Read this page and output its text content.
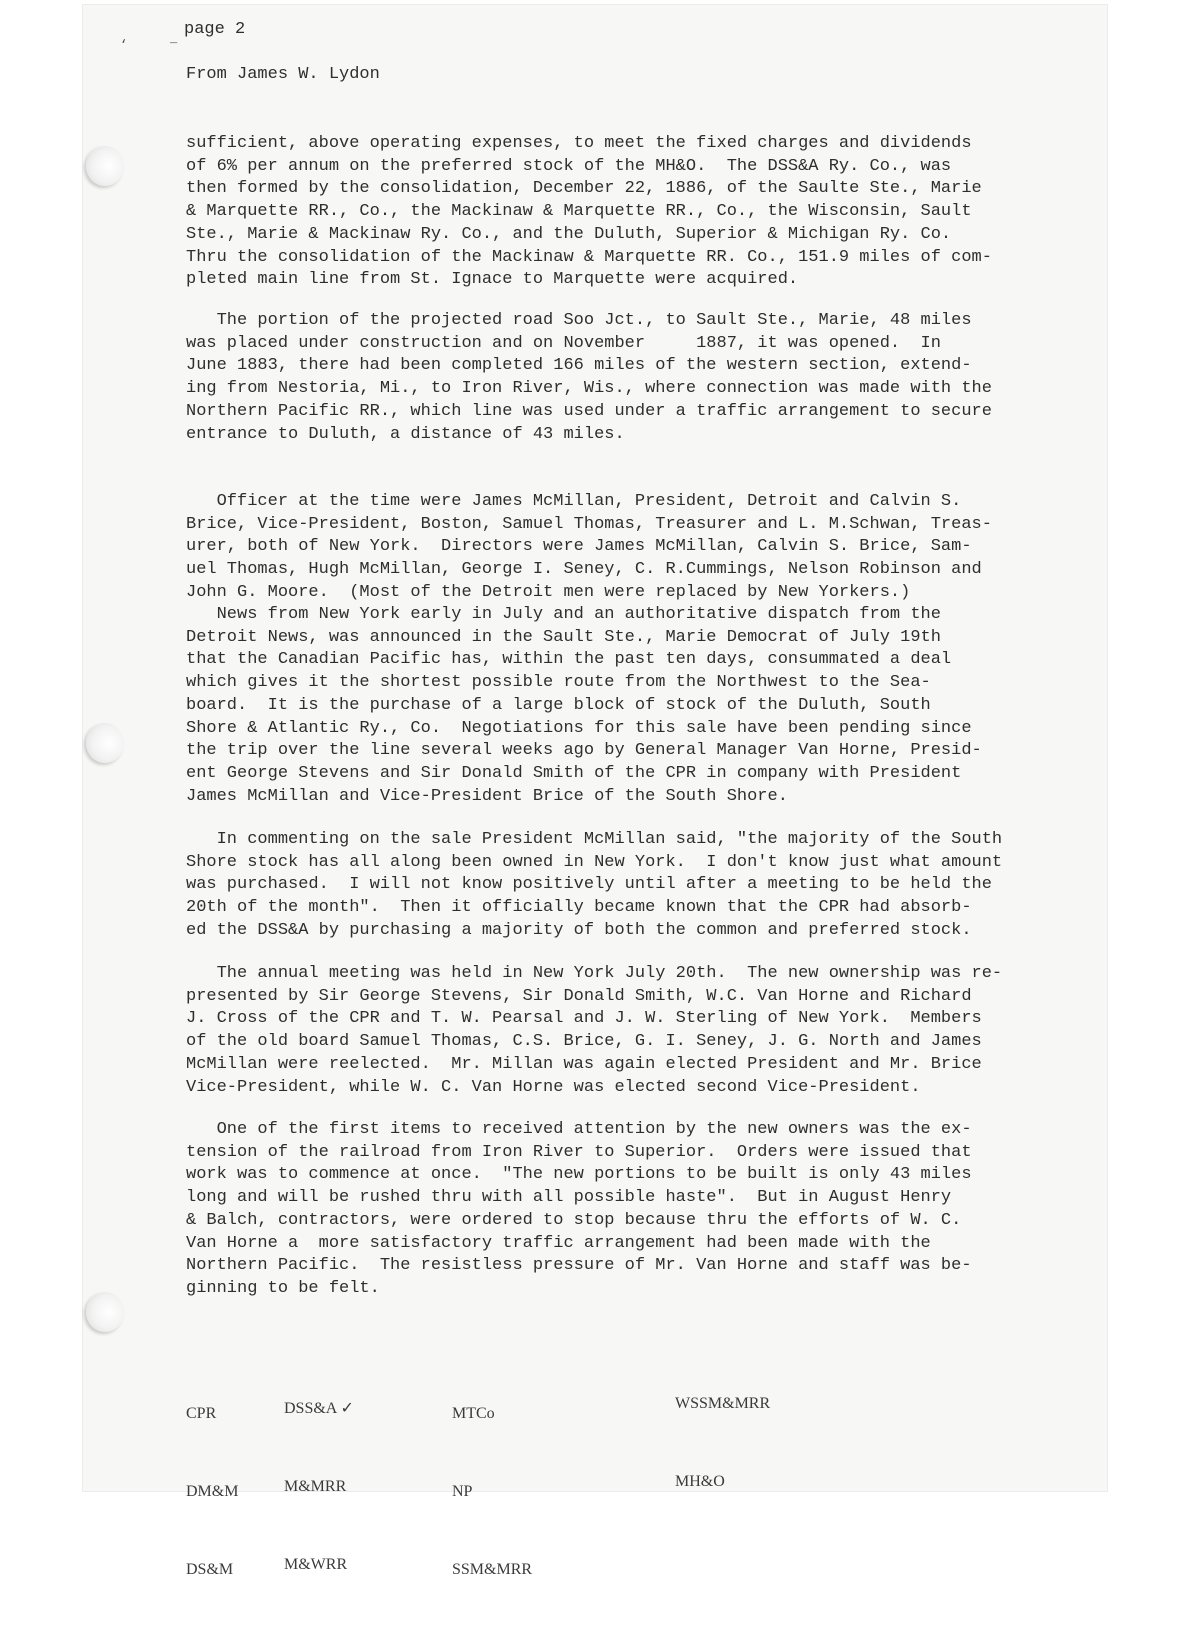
‘	_ page 2

From James W. Lydon

sufficient, above operating expenses, to meet the fixed charges and dividends
of 6% per annum on the preferred stock of the MH&O.  The DSS&A Ry. Co., was
then formed by the consolidation, December 22, 1886, of the Saulte Ste., Marie
& Marquette RR., Co., the Mackinaw & Marquette RR., Co., the Wisconsin, Sault
Ste., Marie & Mackinaw Ry. Co., and the Duluth, Superior & Michigan Ry. Co.
Thru the consolidation of the Mackinaw & Marquette RR. Co., 151.9 miles of com-
pleted main line from St. Ignace to Marquette were acquired.

The portion of the projected road Soo Jct., to Sault Ste., Marie, 48 miles
was placed under construction and on November     1887, it was opened.  In
June 1883, there had been completed 166 miles of the western section, extend-
ing from Nestoria, Mi., to Iron River, Wis., where connection was made with the
Northern Pacific RR., which line was used under a traffic arrangement to secure
entrance to Duluth, a distance of 43 miles.

Officer at the time were James McMillan, President, Detroit and Calvin S.
Brice, Vice-President, Boston, Samuel Thomas, Treasurer and L. M.Schwan, Treas-
urer, both of New York.  Directors were James McMillan, Calvin S. Brice, Sam-
uel Thomas, Hugh McMillan, George I. Seney, C. R.Cummings, Nelson Robinson and
John G. Moore.  (Most of the Detroit men were replaced by New Yorkers.)

News from New York early in July and an authoritative dispatch from the
Detroit News, was announced in the Sault Ste., Marie Democrat of July 19th
that the Canadian Pacific has, within the past ten days, consummated a deal
which gives it the shortest possible route from the Northwest to the Sea-
board.  It is the purchase of a large block of stock of the Duluth, South
Shore & Atlantic Ry., Co.  Negotiations for this sale have been pending since
the trip over the line several weeks ago by General Manager Van Horne, Presid-
ent George Stevens and Sir Donald Smith of the CPR in company with President
James McMillan and Vice-President Brice of the South Shore.

In commenting on the sale President McMillan said, "the majority of the South
Shore stock has all along been owned in New York.  I don't know just what amount
was purchased.  I will not know positively until after a meeting to be held the
20th of the month".  Then it officially became known that the CPR had absorb-
ed the DSS&A by purchasing a majority of both the common and preferred stock.

The annual meeting was held in New York July 20th.  The new ownership was re-
presented by Sir George Stevens, Sir Donald Smith, W.C. Van Horne and Richard
J. Cross of the CPR and T. W. Pearsal and J. W. Sterling of New York.  Members
of the old board Samuel Thomas, C.S. Brice, G. I. Seney, J. G. North and James
McMillan were reelected.  Mr. Millan was again elected President and Mr. Brice
Vice-President, while W. C. Van Horne was elected second Vice-President.

One of the first items to received attention by the new owners was the ex-
tension of the railroad from Iron River to Superior.  Orders were issued that
work was to commence at once.  "The new portions to be built is only 43 miles
long and will be rushed thru with all possible haste".  But in August Henry
& Balch, contractors, were ordered to stop because thru the efforts of W. C.
Van Horne a  more satisfactory traffic arrangement had been made with the
Northern Pacific.  The resistless pressure of Mr. Van Horne and staff was be-
ginning to be felt.

CPR

DM&M

DS&M

DSS&A ✓

M&MRR

M&WRR

MTCo

NP

SSM&MRR

WSSM&MRR

MH&O
